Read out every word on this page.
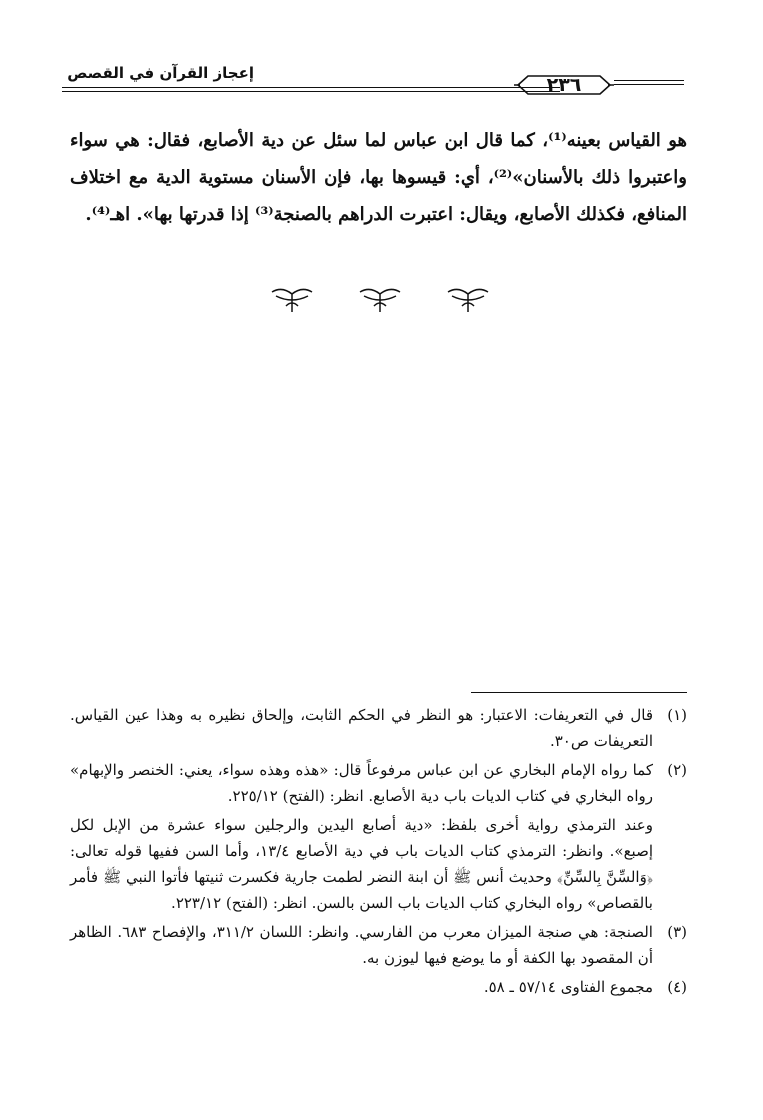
إعجاز القرآن في القصص
٢٣٦
هو القياس بعينه⁽¹⁾، كما قال ابن عباس لما سئل عن دية الأصابع، فقال: هي سواء واعتبروا ذلك بالأسنان»⁽²⁾، أي: قيسوها بها، فإن الأسنان مستوية الدية مع اختلاف المنافع، فكذلك الأصابع، ويقال: اعتبرت الدراهم بالصنجة⁽³⁾ إذا قدرتها بها». اهـ⁽⁴⁾.
(١)
قال في التعريفات: الاعتبار: هو النظر في الحكم الثابت، وإلحاق نظيره به وهذا عين القياس. التعريفات ص٣٠.
(٢)
كما رواه الإمام البخاري عن ابن عباس مرفوعاً قال: «هذه وهذه سواء، يعني: الخنصر والإبهام» رواه البخاري في كتاب الديات باب دية الأصابع. انظر: (الفتح) ٢٢٥/١٢.
وعند الترمذي رواية أخرى بلفظ: «دية أصابع اليدين والرجلين سواء عشرة من الإبل لكل إصبع». وانظر: الترمذي كتاب الديات باب في دية الأصابع ١٣/٤، وأما السن ففيها قوله تعالى: ﴿وَالسِّنَّ بِالسِّنِّ﴾ وحديث أنس ﷺ أن ابنة النضر لطمت جارية فكسرت ثنيتها فأتوا النبي ﷺ فأمر بالقصاص» رواه البخاري كتاب الديات باب السن بالسن. انظر: (الفتح) ٢٢٣/١٢.
(٣)
الصنجة: هي صنجة الميزان معرب من الفارسي. وانظر: اللسان ٣١١/٢، والإفصاح ٦٨٣. الظاهر أن المقصود بها الكفة أو ما يوضع فيها ليوزن به.
(٤)
مجموع الفتاوى ٥٧/١٤ ـ ٥٨.
